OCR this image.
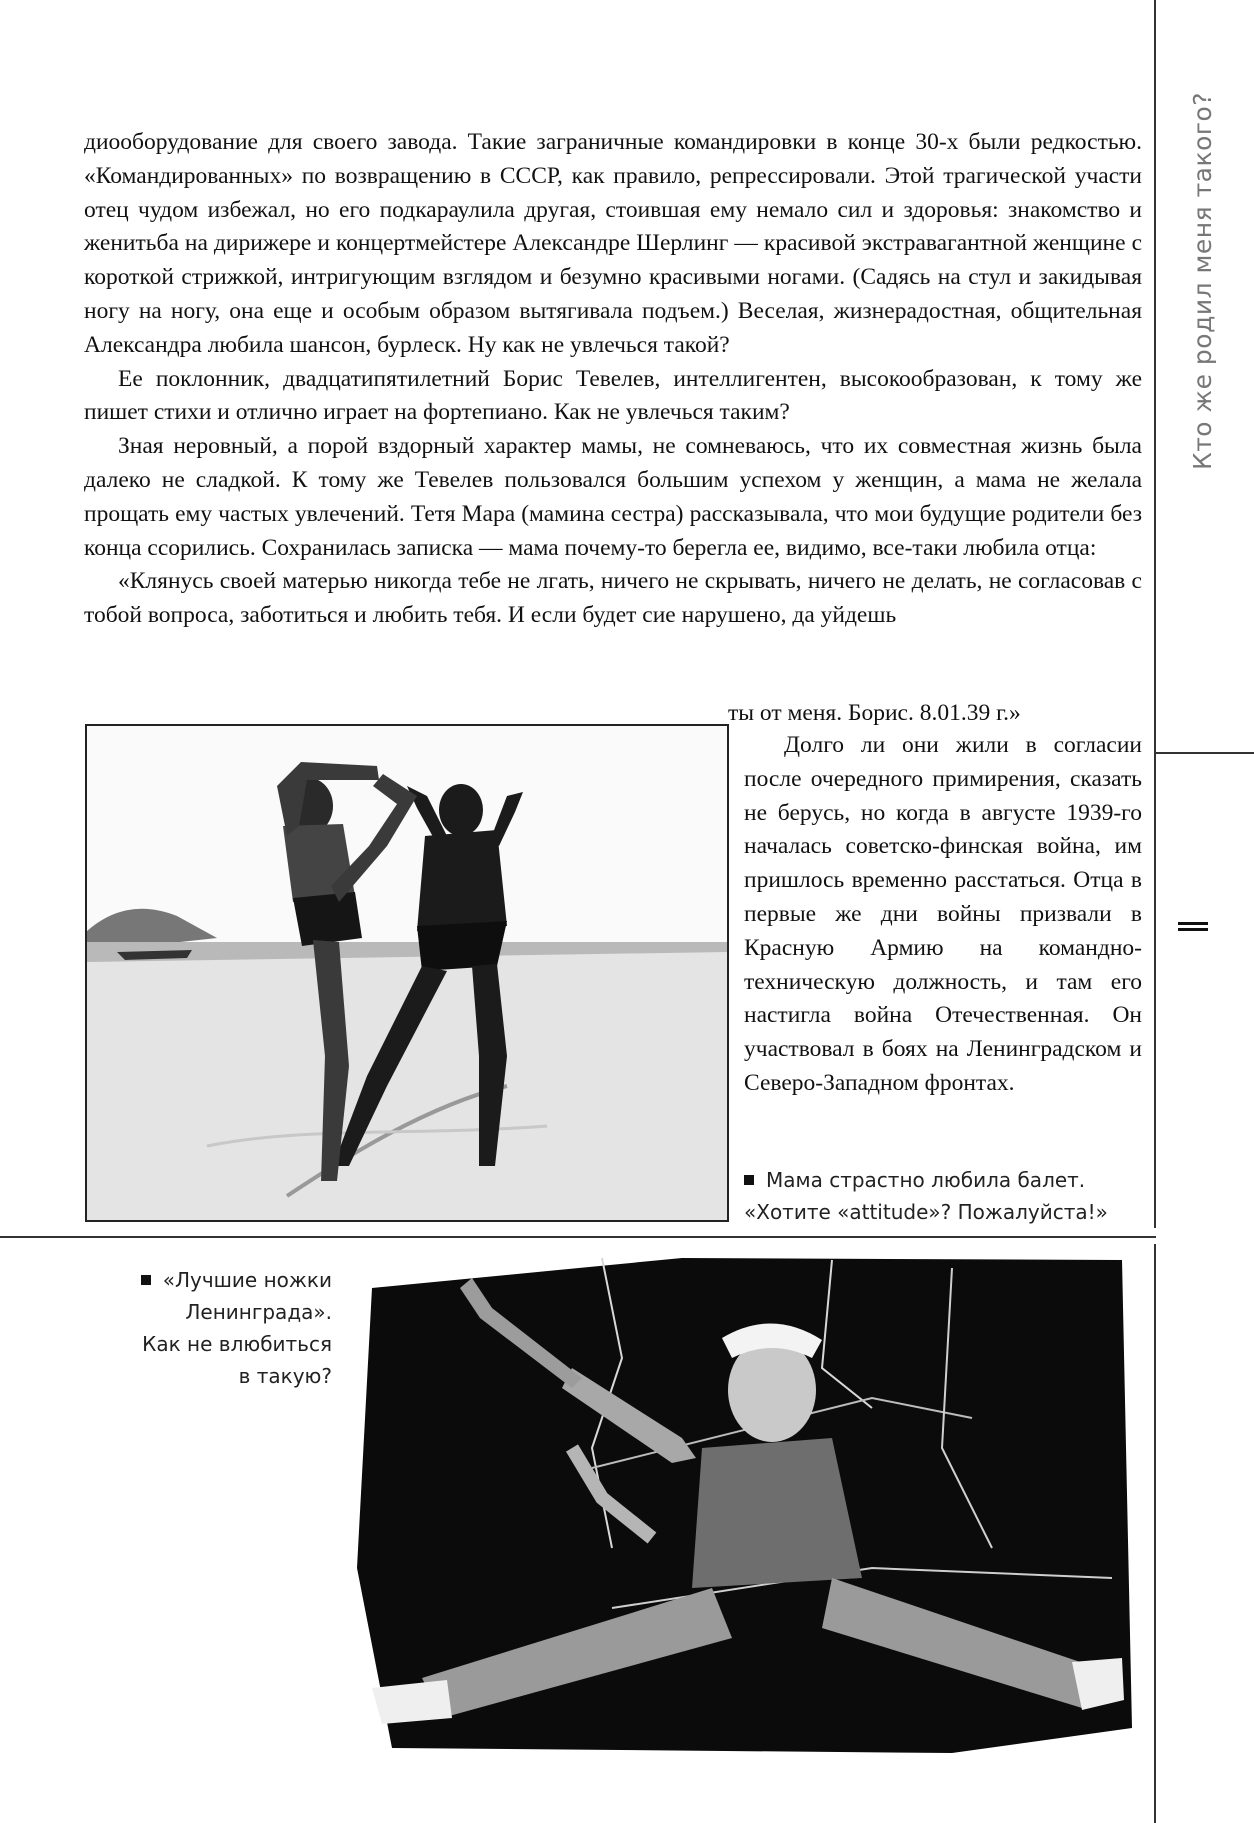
Кто же родил меня такого?

диооборудование для своего завода. Такие заграничные командировки в конце 30-х были редкостью. «Командированных» по возвращению в СССР, как правило, репрессировали. Этой трагической участи отец чудом избежал, но его подкараулила другая, стоившая ему немало сил и здоровья: знакомство и женитьба на дирижере и концертмейстере Александре Шерлинг — красивой экстравагантной женщине с короткой стрижкой, интригующим взглядом и безумно красивыми ногами. (Садясь на стул и закидывая ногу на ногу, она еще и особым образом вытягивала подъем.) Веселая, жизнерадостная, общительная Александра любила шансон, бурлеск. Ну как не увлечься такой?

Ее поклонник, двадцатипятилетний Борис Тевелев, интеллигентен, высокообразован, к тому же пишет стихи и отлично играет на фортепиано. Как не увлечься таким?

Зная неровный, а порой вздорный характер мамы, не сомневаюсь, что их совместная жизнь была далеко не сладкой. К тому же Тевелев пользовался большим успехом у женщин, а мама не желала прощать ему частых увлечений. Тетя Мара (мамина сестра) рассказывала, что мои будущие родители без конца ссорились. Сохранилась записка — мама почему-то берегла ее, видимо, все-таки любила отца:

«Клянусь своей матерью никогда тебе не лгать, ничего не скрывать, ничего не делать, не согласовав с тобой вопроса, заботиться и любить тебя. И если будет сие нарушено, да уйдешь

ты от меня. Борис. 8.01.39 г.»

Долго ли они жили в согласии после очередного примирения, сказать не берусь, но когда в августе 1939-го началась советско-финская война, им пришлось временно расстаться. Отца в первые же дни войны призвали в Красную Армию на командно-техническую должность, и там его настигла война Отечественная. Он участвовал в боях на Ленинградском и Северо-Западном фронтах.

Мама страстно любила балет.
«Хотите «attitude»? Пожалуйста!»
«Лучшие ножки
Ленинграда».
Как не влюбиться
в такую?
